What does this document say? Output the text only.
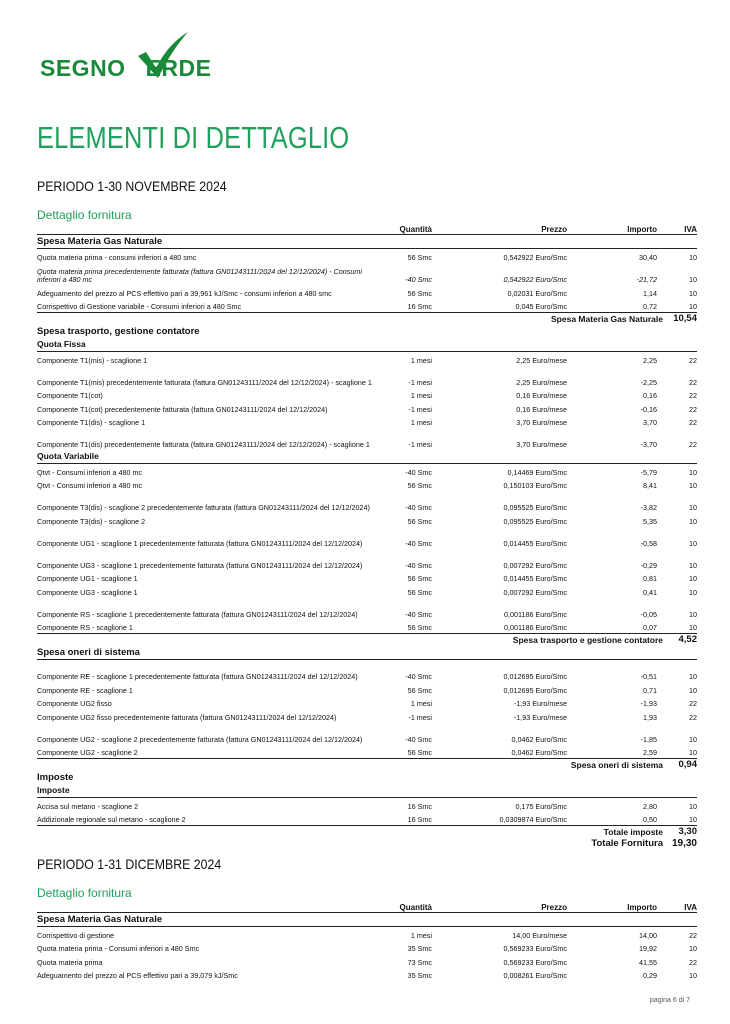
SEGNO ERDE
ELEMENTI DI DETTAGLIO
PERIODO 1-30 NOVEMBRE 2024
Dettaglio fornitura
Quantità	Prezzo	Importo	IVA
Spesa Materia Gas Naturale
Quota materia prima - consumi inferiori a 480 smc	56 Smc	0,542922 Euro/Smc	30,40	10
Quota materia prima precedentemente fatturata (fattura GN01243111/2024 del 12/12/2024) - Consumi inferiori a 480 mc	-40 Smc	0,542922 Euro/Smc	-21,72	10
Adeguamento del prezzo al PCS effettivo pari a 39,961 kJ/Smc - consumi inferiori a 480 smc	56 Smc	0,02031 Euro/Smc	1,14	10
Corrispettivo di Gestione variabile - Consumi inferiori a 480 Smc	16 Smc	0,045 Euro/Smc	0,72	10
Spesa Materia Gas Naturale	10,54
Spesa trasporto, gestione contatore
Quota Fissa
Componente T1(mis) - scaglione 1	1 mesi	2,25 Euro/mese	2,25	22
Componente T1(mis) precedentemente fatturata (fattura GN01243111/2024 del 12/12/2024) - scaglione 1	-1 mesi	2,25 Euro/mese	-2,25	22
Componente T1(cot)	1 mesi	0,16 Euro/mese	0,16	22
Componente T1(cot) precedentemente fatturata (fattura GN01243111/2024 del 12/12/2024)	-1 mesi	0,16 Euro/mese	-0,16	22
Componente T1(dis) - scaglione 1	1 mesi	3,70 Euro/mese	3,70	22
Componente T1(dis) precedentemente fatturata (fattura GN01243111/2024 del 12/12/2024) - scaglione 1	-1 mesi	3,70 Euro/mese	-3,70	22
Quota Variabile
Qtvt - Consumi inferiori a 480 mc	-40 Smc	0,14469 Euro/Smc	-5,79	10
Qtvt - Consumi inferiori a 480 mc	56 Smc	0,150103 Euro/Smc	8,41	10
Componente T3(dis) - scaglione 2 precedentemente fatturata (fattura GN01243111/2024 del 12/12/2024)	-40 Smc	0,095525 Euro/Smc	-3,82	10
Componente T3(dis) - scaglione 2	56 Smc	0,095525 Euro/Smc	5,35	10
Componente UG1 - scaglione 1 precedentemente fatturata (fattura GN01243111/2024 del 12/12/2024)	-40 Smc	0,014455 Euro/Smc	-0,58	10
Componente UG3 - scaglione 1 precedentemente fatturata (fattura GN01243111/2024 del 12/12/2024)	-40 Smc	0,007292 Euro/Smc	-0,29	10
Componente UG1 - scaglione 1	56 Smc	0,014455 Euro/Smc	0,81	10
Componente UG3 - scaglione 1	56 Smc	0,007292 Euro/Smc	0,41	10
Componente RS - scaglione 1 precedentemente fatturata (fattura GN01243111/2024 del 12/12/2024)	-40 Smc	0,001186 Euro/Smc	-0,05	10
Componente RS - scaglione 1	56 Smc	0,001186 Euro/Smc	0,07	10
Spesa trasporto e gestione contatore	4,52
Spesa oneri di sistema
Componente RE - scaglione 1 precedentemente fatturata (fattura GN01243111/2024 del 12/12/2024)	-40 Smc	0,012695 Euro/Smc	-0,51	10
Componente RE - scaglione 1	56 Smc	0,012695 Euro/Smc	0,71	10
Componente UG2 fisso	1 mesi	-1,93 Euro/mese	-1,93	22
Componente UG2 fisso precedentemente fatturata (fattura GN01243111/2024 del 12/12/2024)	-1 mesi	-1,93 Euro/mese	1,93	22
Componente UG2 - scaglione 2 precedentemente fatturata (fattura GN01243111/2024 del 12/12/2024)	-40 Smc	0,0462 Euro/Smc	-1,85	10
Componente UG2 - scaglione 2	56 Smc	0,0462 Euro/Smc	2,59	10
Spesa oneri di sistema	0,94
Imposte
Imposte
Accisa sul metano - scaglione 2	16 Smc	0,175 Euro/Smc	2,80	10
Addizionale regionale sul metano - scaglione 2	16 Smc	0,0309874 Euro/Smc	0,50	10
Totale imposte	3,30
Totale Fornitura 19,30
PERIODO 1-31 DICEMBRE 2024
Dettaglio fornitura
Quantità	Prezzo	Importo	IVA
Spesa Materia Gas Naturale
Corrispettivo di gestione	1 mesi	14,00 Euro/mese	14,00	22
Quota materia prima - Consumi inferiori a 480 Smc	35 Smc	0,569233 Euro/Smc	19,92	10
Quota materia prima	73 Smc	0,569233 Euro/Smc	41,55	22
Adeguamento del prezzo al PCS effettivo pari a 39,079 kJ/Smc	35 Smc	0,008261 Euro/Smc	0,29	10
pagina 6 di 7
